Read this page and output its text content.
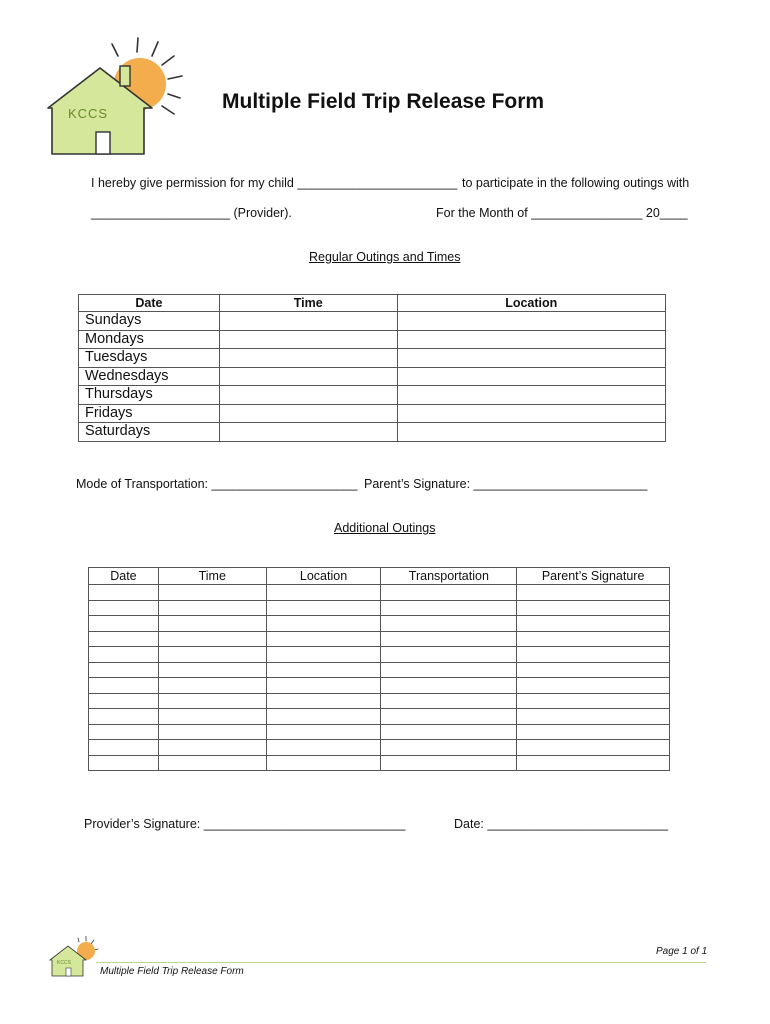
KCCS
Multiple Field Trip Release Form
I hereby give permission for my child _______________________ to participate in the following outings with
____________________ (Provider).	For the Month of ________________ 20____
Regular Outings and Times
Date	Time	Location
Sundays		
Mondays		
Tuesdays		
Wednesdays		
Thursdays		
Fridays		
Saturdays		
Mode of Transportation: _____________________ Parent’s Signature: _________________________
Additional Outings
Date	Time	Location	Transportation	Parent’s Signature

Provider’s Signature: _____________________________	Date: __________________________
KCCS
Page 1 of 1
Multiple Field Trip Release Form
